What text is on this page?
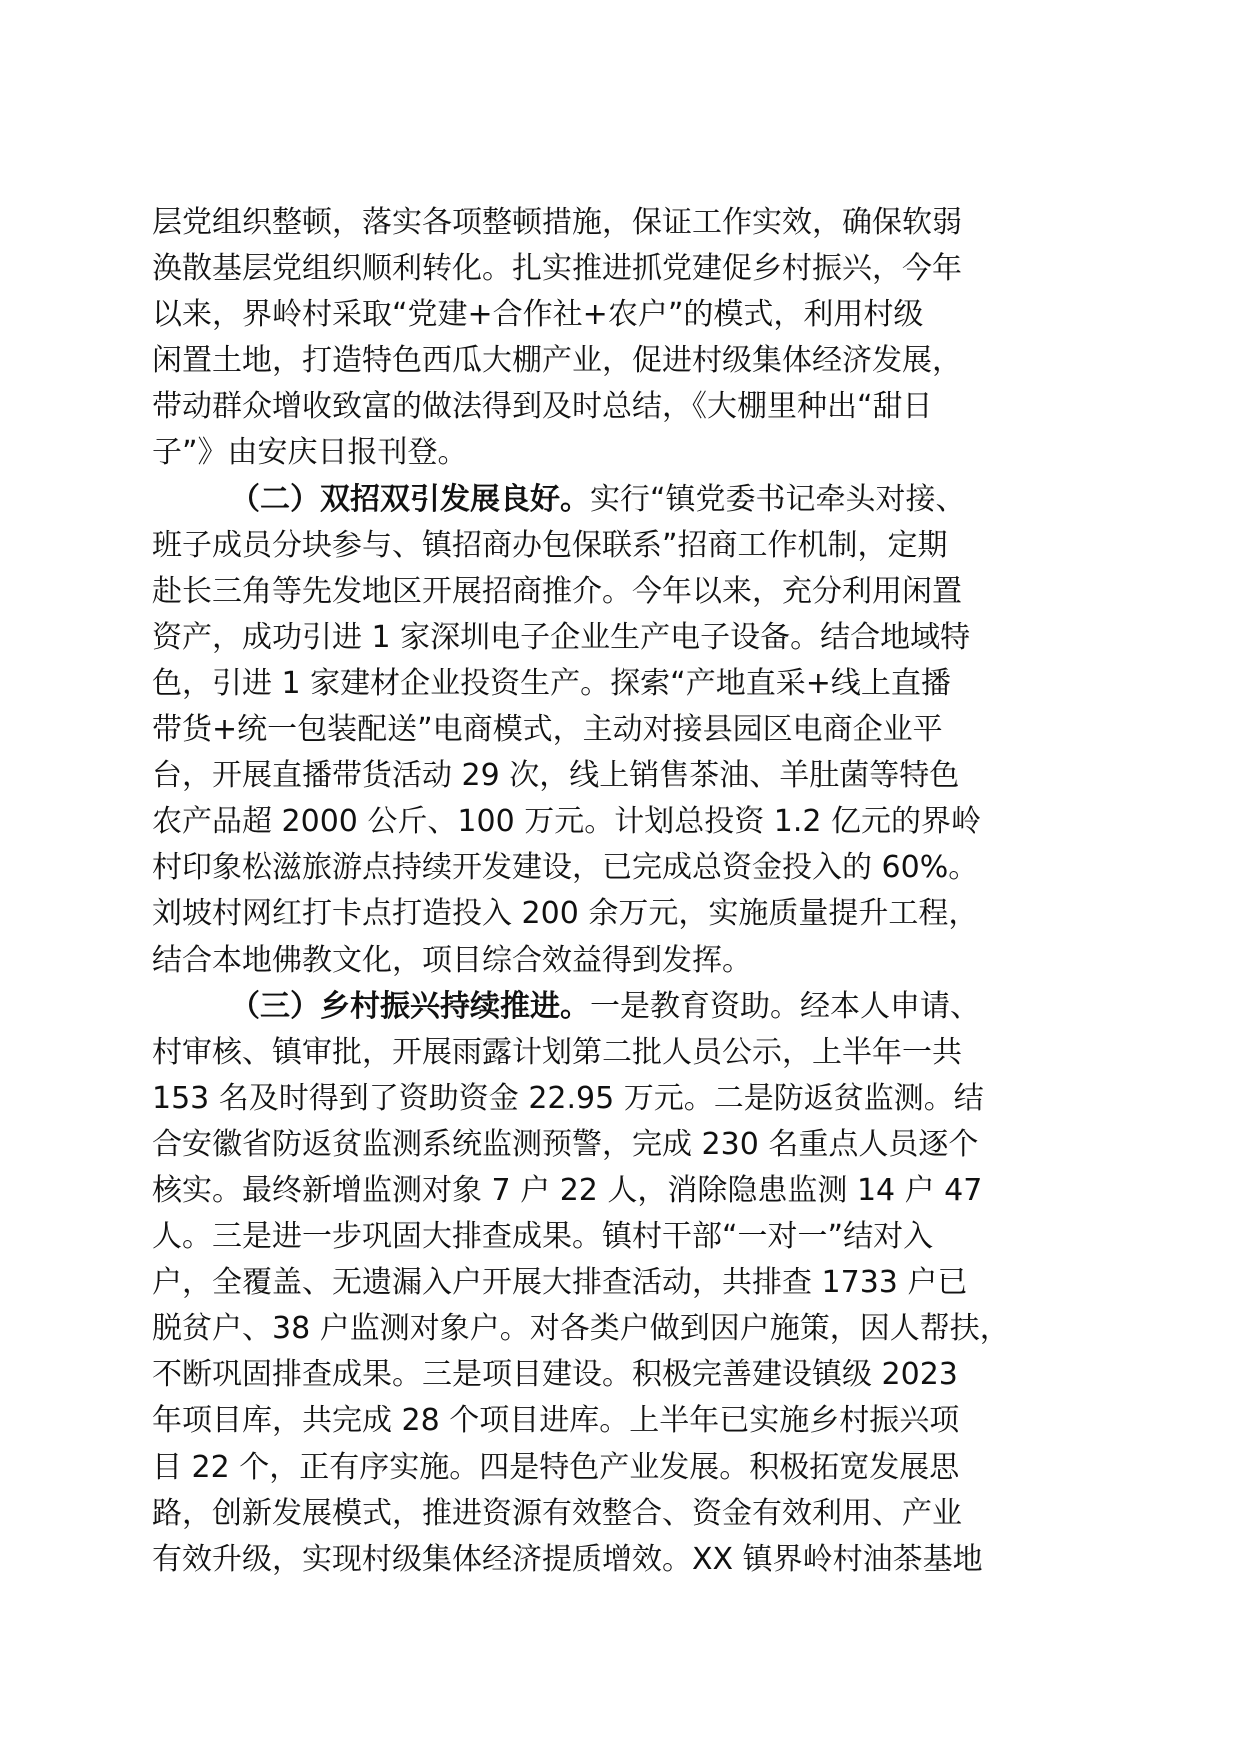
层党组织整顿，落实各项整顿措施，保证工作实效，确保软弱
涣散基层党组织顺利转化。扎实推进抓党建促乡村振兴，今年
以来，界岭村采取“党建+合作社+农户”的模式，利用村级
闲置土地，打造特色西瓜大棚产业，促进村级集体经济发展，
带动群众增收致富的做法得到及时总结，《大棚里种出“甜日
子”》由安庆日报刊登。
（二）双招双引发展良好。实行“镇党委书记牵头对接、
班子成员分块参与、镇招商办包保联系”招商工作机制，定期
赴长三角等先发地区开展招商推介。今年以来，充分利用闲置
资产，成功引进 1 家深圳电子企业生产电子设备。结合地域特
色，引进 1 家建材企业投资生产。探索“产地直采+线上直播
带货+统一包装配送”电商模式，主动对接县园区电商企业平
台，开展直播带货活动 29 次，线上销售茶油、羊肚菌等特色
农产品超 2000 公斤、100 万元。计划总投资 1.2 亿元的界岭
村印象松滋旅游点持续开发建设，已完成总资金投入的 60%。
刘坡村网红打卡点打造投入 200 余万元，实施质量提升工程，
结合本地佛教文化，项目综合效益得到发挥。
（三）乡村振兴持续推进。一是教育资助。经本人申请、
村审核、镇审批，开展雨露计划第二批人员公示，上半年一共
153 名及时得到了资助资金 22.95 万元。二是防返贫监测。结
合安徽省防返贫监测系统监测预警，完成 230 名重点人员逐个
核实。最终新增监测对象 7 户 22 人，消除隐患监测 14 户 47
人。三是进一步巩固大排查成果。镇村干部“一对一”结对入
户，全覆盖、无遗漏入户开展大排查活动，共排查 1733 户已
脱贫户、38 户监测对象户。对各类户做到因户施策，因人帮扶，
不断巩固排查成果。三是项目建设。积极完善建设镇级 2023
年项目库，共完成 28 个项目进库。上半年已实施乡村振兴项
目 22 个，正有序实施。四是特色产业发展。积极拓宽发展思
路，创新发展模式，推进资源有效整合、资金有效利用、产业
有效升级，实现村级集体经济提质增效。XX 镇界岭村油茶基地
